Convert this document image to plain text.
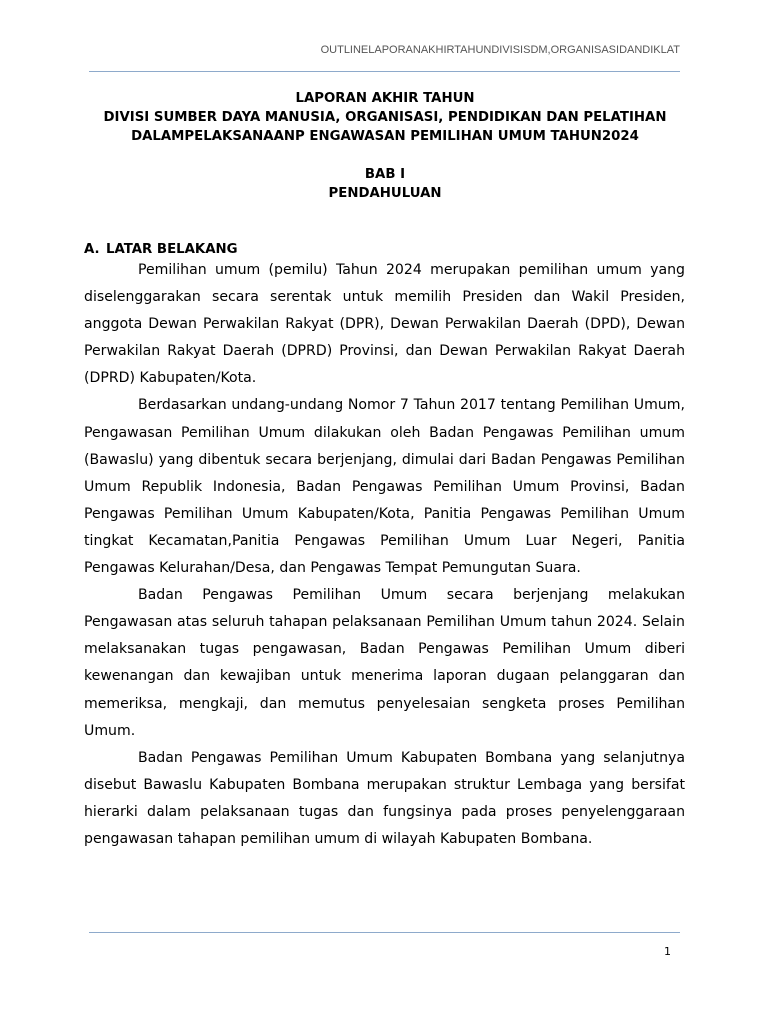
OUTLINELAPORANAKHIRTAHUNDIVISISDM,ORGANISASIDANDIKLAT
LAPORAN AKHIR TAHUN
DIVISI SUMBER DAYA MANUSIA, ORGANISASI, PENDIDIKAN DAN PELATIHAN
DALAMPELAKSANAANP ENGAWASAN PEMILIHAN UMUM TAHUN2024
BAB I
PENDAHULUAN
A. LATAR BELAKANG

Pemilihan umum (pemilu) Tahun 2024 merupakan pemilihan umum yang diselenggarakan secara serentak untuk memilih Presiden dan Wakil Presiden, anggota Dewan Perwakilan Rakyat (DPR), Dewan Perwakilan Daerah (DPD), Dewan Perwakilan Rakyat Daerah (DPRD) Provinsi, dan Dewan Perwakilan Rakyat Daerah (DPRD) Kabupaten/Kota.

Berdasarkan undang-undang Nomor 7 Tahun 2017 tentang Pemilihan Umum, Pengawasan Pemilihan Umum dilakukan oleh Badan Pengawas Pemilihan umum (Bawaslu) yang dibentuk secara berjenjang, dimulai dari Badan Pengawas Pemilihan Umum Republik Indonesia, Badan Pengawas Pemilihan Umum Provinsi, Badan Pengawas Pemilihan Umum Kabupaten/Kota, Panitia Pengawas Pemilihan Umum tingkat Kecamatan,Panitia Pengawas Pemilihan Umum Luar Negeri, Panitia Pengawas Kelurahan/Desa, dan Pengawas Tempat Pemungutan Suara.

Badan Pengawas Pemilihan Umum secara berjenjang melakukan Pengawasan atas seluruh tahapan pelaksanaan Pemilihan Umum tahun 2024. Selain melaksanakan tugas pengawasan, Badan Pengawas Pemilihan Umum diberi kewenangan dan kewajiban untuk menerima laporan dugaan pelanggaran dan memeriksa, mengkaji, dan memutus penyelesaian sengketa proses Pemilihan Umum.

Badan Pengawas Pemilihan Umum Kabupaten Bombana yang selanjutnya disebut Bawaslu Kabupaten Bombana merupakan struktur Lembaga yang bersifat hierarki dalam pelaksanaan tugas dan fungsinya pada proses penyelenggaraan pengawasan tahapan pemilihan umum di wilayah Kabupaten Bombana.

1
